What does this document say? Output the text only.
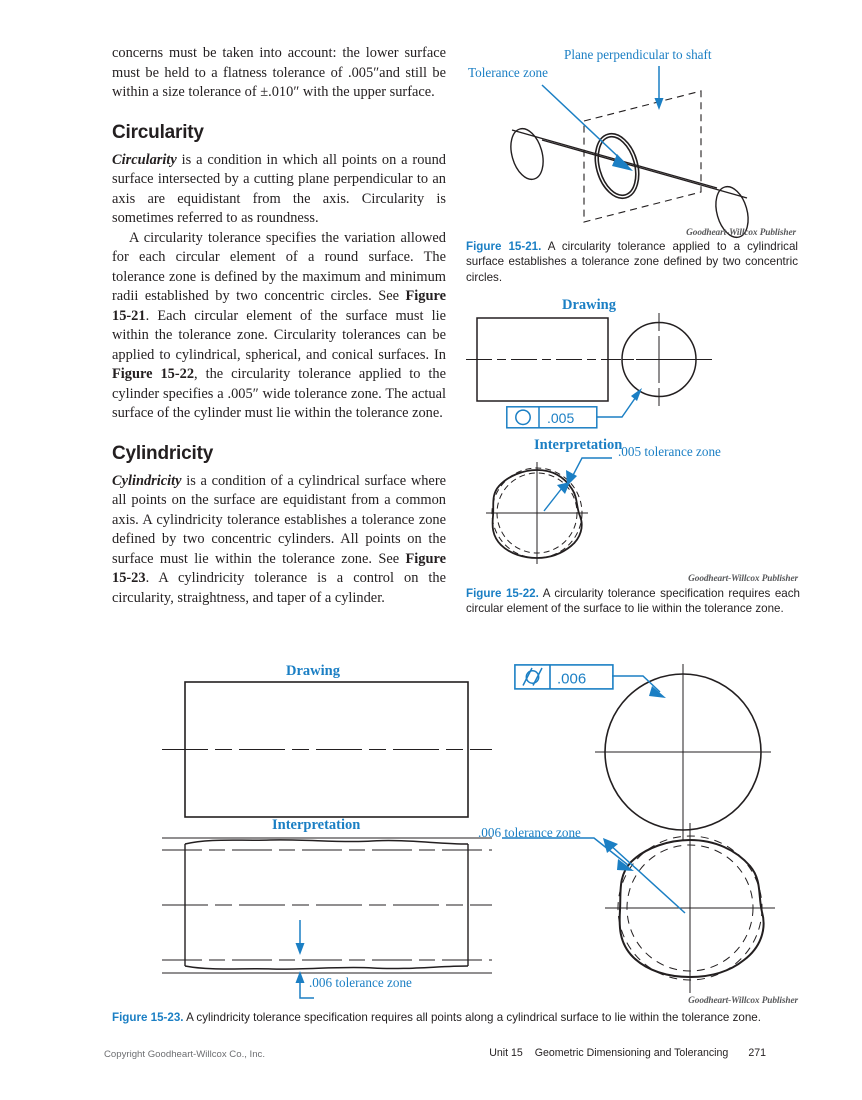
concerns must be taken into account: the lower surface must be held to a flatness tolerance of .005″and still be within a size tolerance of ±.010″ with the upper surface.

Circularity

Circularity is a condition in which all points on a round surface intersected by a cutting plane perpendicular to an axis are equidistant from the axis. Circularity is sometimes referred to as roundness.

A circularity tolerance specifies the variation allowed for each circular element of a round surface. The tolerance zone is defined by the maximum and minimum radii established by two concentric circles. See Figure 15-21. Each circular element of the surface must lie within the tolerance zone. Circularity tolerances can be applied to cylindrical, spherical, and conical surfaces. In Figure 15-22, the circularity tolerance applied to the cylinder specifies a .005″ wide tolerance zone. The actual surface of the cylinder must lie within the tolerance zone.

Cylindricity

Cylindricity is a condition of a cylindrical surface where all points on the surface are equidistant from a common axis. A cylindricity tolerance establishes a tolerance zone defined by two concentric cylinders. All points on the surface must lie within the tolerance zone. See Figure 15-23. A cylindricity tolerance is a control on the circularity, straightness, and taper of a cylinder.

Plane perpendicular to shaft
Tolerance zone
Goodheart-Willcox Publisher
Figure 15-21. A circularity tolerance applied to a cylindrical surface establishes a tolerance zone defined by two concentric circles.
Drawing
Interpretation
.005
.005 tolerance zone
Goodheart-Willcox Publisher
Figure 15-22. A circularity tolerance specification requires each circular element of the surface to lie within the tolerance zone.
Drawing
Interpretation
.006
.006 tolerance zone
.006 tolerance zone
Goodheart-Willcox Publisher
Figure 15-23. A cylindricity tolerance specification requires all points along a cylindrical surface to lie within the tolerance zone.
Copyright Goodheart-Willcox Co., Inc.	Unit 15 Geometric Dimensioning and Tolerancing 271
